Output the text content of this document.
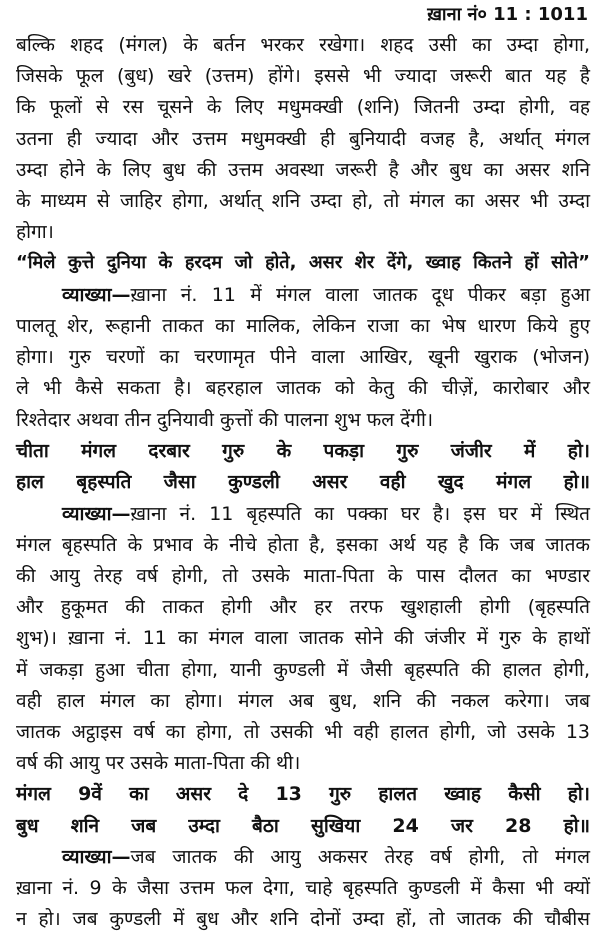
ख़ाना नं० 11 : 1011
बल्कि शहद (मंगल) के बर्तन भरकर रखेगा। शहद उसी का उम्दा होगा,
जिसके फूल (बुध) खरे (उत्तम) होंगे। इससे भी ज्यादा जरूरी बात यह है
कि फूलों से रस चूसने के लिए मधुमक्खी (शनि) जितनी उम्दा होगी, वह
उतना ही ज्यादा और उत्तम मधुमक्खी ही बुनियादी वजह है, अर्थात् मंगल
उम्दा होने के लिए बुध की उत्तम अवस्था जरूरी है और बुध का असर शनि
के माध्यम से जाहिर होगा, अर्थात् शनि उम्दा हो, तो मंगल का असर भी उम्दा
होगा।
“मिले कुत्ते दुनिया के हरदम जो होते, असर शेर देंगे, ख्वाह कितने हों सोते”
व्याख्या—ख़ाना नं. 11 में मंगल वाला जातक दूध पीकर बड़ा हुआ
पालतू शेर, रूहानी ताकत का मालिक, लेकिन राजा का भेष धारण किये हुए
होगा। गुरु चरणों का चरणामृत पीने वाला आखिर, खूनी खुराक (भोजन)
ले भी कैसे सकता है। बहरहाल जातक को केतु की चीज़ें, कारोबार और
रिश्तेदार अथवा तीन दुनियावी कुत्तों की पालना शुभ फल देंगी।
चीता मंगल दरबार गुरु के पकड़ा गुरु जंजीर में हो।
हाल बृहस्पति जैसा कुण्डली असर वही खुद मंगल हो॥
व्याख्या—ख़ाना नं. 11 बृहस्पति का पक्का घर है। इस घर में स्थित
मंगल बृहस्पति के प्रभाव के नीचे होता है, इसका अर्थ यह है कि जब जातक
की आयु तेरह वर्ष होगी, तो उसके माता-पिता के पास दौलत का भण्डार
और हुकूमत की ताकत होगी और हर तरफ खुशहाली होगी (बृहस्पति
शुभ)। ख़ाना नं. 11 का मंगल वाला जातक सोने की जंजीर में गुरु के हाथों
में जकड़ा हुआ चीता होगा, यानी कुण्डली में जैसी बृहस्पति की हालत होगी,
वही हाल मंगल का होगा। मंगल अब बुध, शनि की नकल करेगा। जब
जातक अट्ठाइस वर्ष का होगा, तो उसकी भी वही हालत होगी, जो उसके 13
वर्ष की आयु पर उसके माता-पिता की थी।
मंगल 9वें का असर दे 13 गुरु हालत ख्वाह कैसी हो।
बुध शनि जब उम्दा बैठा सुखिया 24 जर 28 हो॥
व्याख्या—जब जातक की आयु अकसर तेरह वर्ष होगी, तो मंगल
ख़ाना नं. 9 के जैसा उत्तम फल देगा, चाहे बृहस्पति कुण्डली में कैसा भी क्यों
न हो। जब कुण्डली में बुध और शनि दोनों उम्दा हों, तो जातक की चौबीस
